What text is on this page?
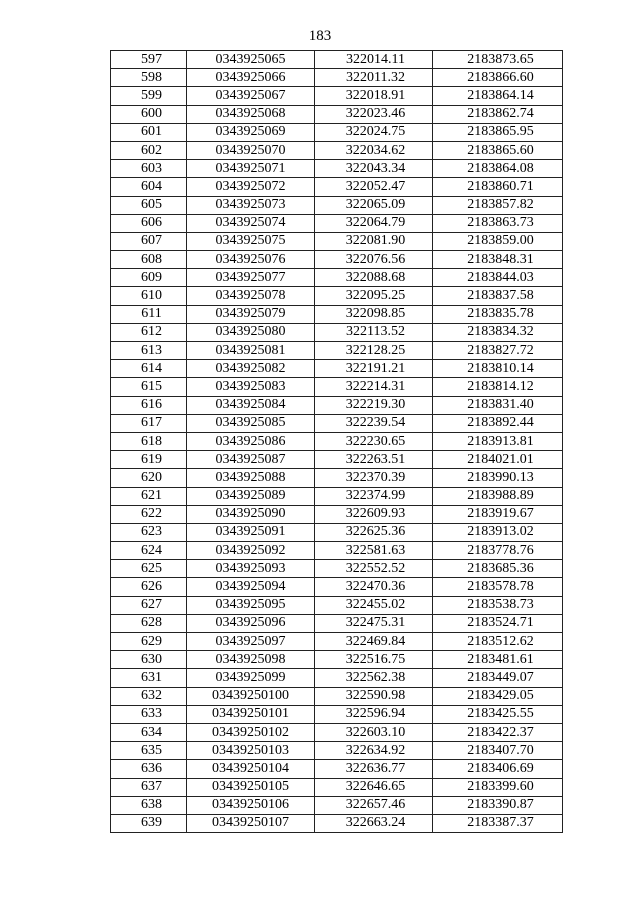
183
597	0343925065	322014.11	2183873.65
598	0343925066	322011.32	2183866.60
599	0343925067	322018.91	2183864.14
600	0343925068	322023.46	2183862.74
601	0343925069	322024.75	2183865.95
602	0343925070	322034.62	2183865.60
603	0343925071	322043.34	2183864.08
604	0343925072	322052.47	2183860.71
605	0343925073	322065.09	2183857.82
606	0343925074	322064.79	2183863.73
607	0343925075	322081.90	2183859.00
608	0343925076	322076.56	2183848.31
609	0343925077	322088.68	2183844.03
610	0343925078	322095.25	2183837.58
611	0343925079	322098.85	2183835.78
612	0343925080	322113.52	2183834.32
613	0343925081	322128.25	2183827.72
614	0343925082	322191.21	2183810.14
615	0343925083	322214.31	2183814.12
616	0343925084	322219.30	2183831.40
617	0343925085	322239.54	2183892.44
618	0343925086	322230.65	2183913.81
619	0343925087	322263.51	2184021.01
620	0343925088	322370.39	2183990.13
621	0343925089	322374.99	2183988.89
622	0343925090	322609.93	2183919.67
623	0343925091	322625.36	2183913.02
624	0343925092	322581.63	2183778.76
625	0343925093	322552.52	2183685.36
626	0343925094	322470.36	2183578.78
627	0343925095	322455.02	2183538.73
628	0343925096	322475.31	2183524.71
629	0343925097	322469.84	2183512.62
630	0343925098	322516.75	2183481.61
631	0343925099	322562.38	2183449.07
632	03439250100	322590.98	2183429.05
633	03439250101	322596.94	2183425.55
634	03439250102	322603.10	2183422.37
635	03439250103	322634.92	2183407.70
636	03439250104	322636.77	2183406.69
637	03439250105	322646.65	2183399.60
638	03439250106	322657.46	2183390.87
639	03439250107	322663.24	2183387.37
